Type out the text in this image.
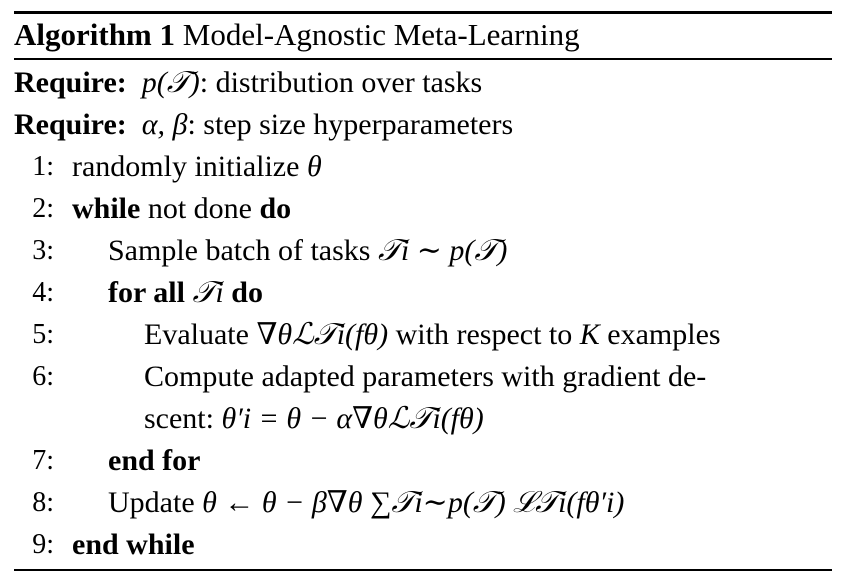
Algorithm 1 Model-Agnostic Meta-Learning
Require: p(𝒯): distribution over tasks
Require: α, β: step size hyperparameters
1: randomly initialize θ
2: while not done do
3: Sample batch of tasks 𝒯i ∼ p(𝒯)
4: for all 𝒯i do
5:	Evaluate ∇θℒ𝒯i(fθ) with respect to K examples
6:	Compute adapted parameters with gradient de-
scent: θ′i = θ − α∇θℒ𝒯i(fθ)
7: end for
8: Update θ ← θ − β∇θ ∑𝒯i∼p(𝒯) ℒ𝒯i(fθ′i)
9: end while
